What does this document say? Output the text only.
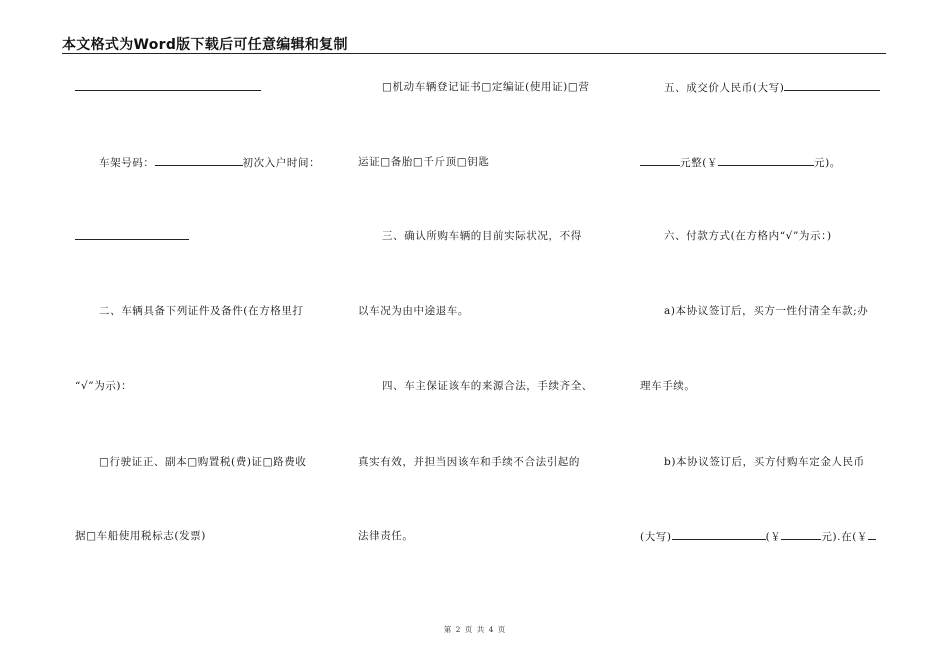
本文格式为Word版下载后可任意编辑和复制
车架号码：	初次入户时间：
二、车辆具备下列证件及备件(在方格里打
“√”为示)：
□行驶证正、副本□购置税(费)证□路费收
据□车船使用税标志(发票)
□机动车辆登记证书□定编证(使用证)□营
运证□备胎□千斤顶□钥匙
三、确认所购车辆的目前实际状况，不得
以车况为由中途退车。
四、车主保证该车的来源合法，手续齐全、
真实有效，并担当因该车和手续不合法引起的
法律责任。
五、成交价人民币(大写)
元整(￥	元)。
六、付款方式(在方格内“√”为示：)
a)本协议签订后，买方一性付清全车款;办
理车手续。
b)本协议签订后，买方付购车定金人民币
(大写)	(￥	元).在(￥
第 2 页 共 4 页
